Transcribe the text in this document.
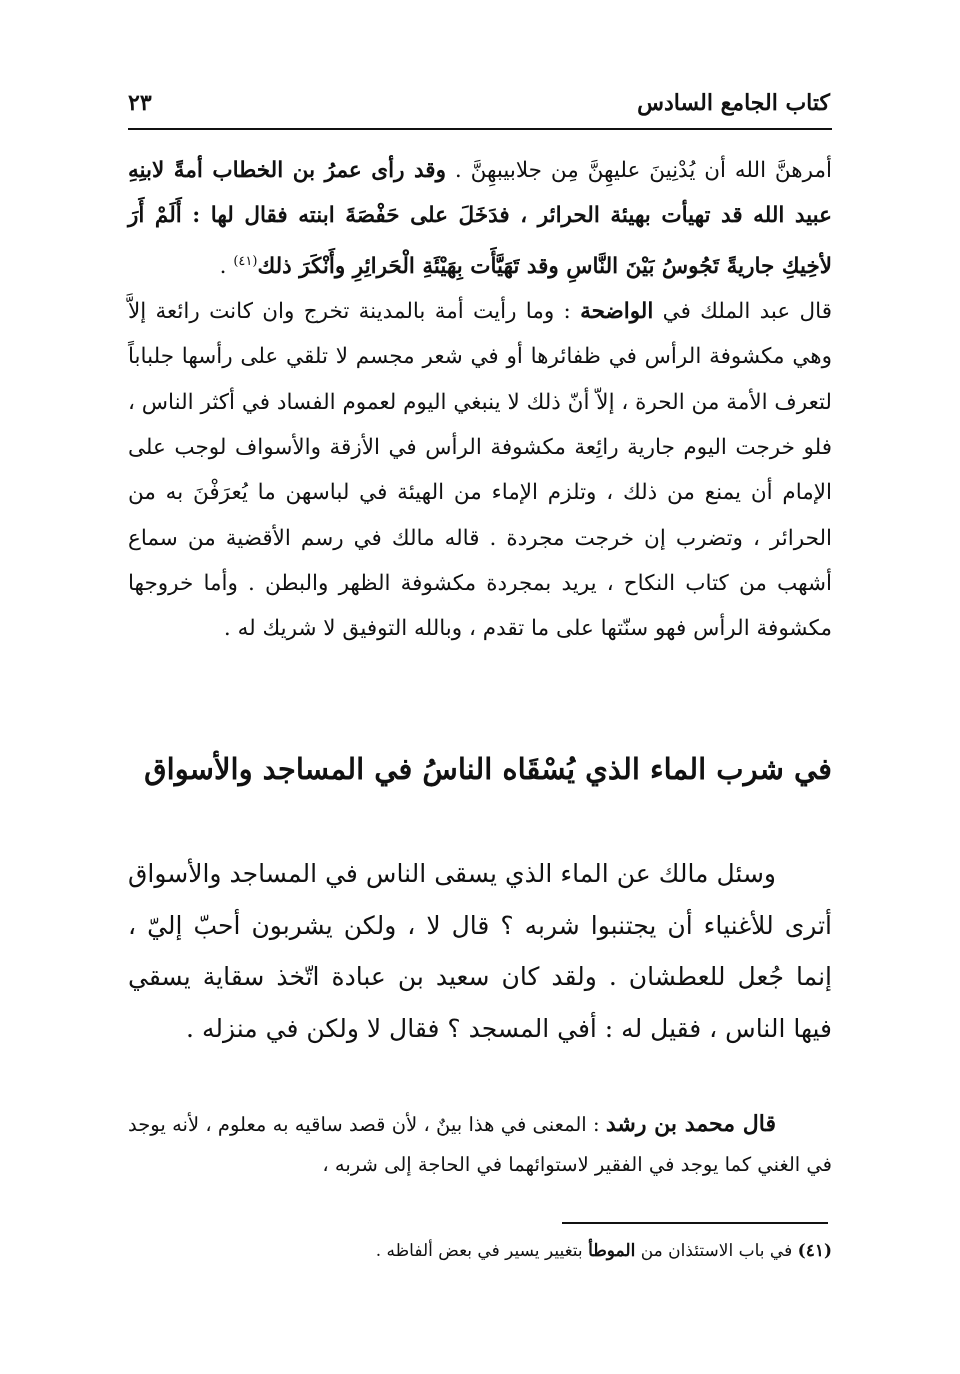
كتاب الجامع السادس
٢٣

أمرهنَّ الله أن يُدْنِينَ عليهِنَّ مِن جلابيبهِنَّ . وقد رأى عمرُ بن الخطاب أمةً لابنِهِ عبيد الله قد تهيأت بهيئة الحرائر ، فدَخَلَ على حَفْصَةَ ابنته فقال لها : أَلَمْ أَرَ لأخِيكِ جاريةً تَجُوسُ بَيْنَ النَّاسِ وقد تَهَيَّأَت بِهَيْئَةِ الْحَرائِرِ وأَنْكَرَ ذلك$^{(٤١)}$ .

قال عبد الملك في الواضحة : وما رأيت أمة بالمدينة تخرج وان كانت رائعة إلاَّ وهي مكشوفة الرأس في ظفائرها أو في شعر مجسم لا تلقي على رأسها جلباباً لتعرف الأمة من الحرة ، إلاّ أنّ ذلك لا ينبغي اليوم لعموم الفساد في أكثر الناس ، فلو خرجت اليوم جارية رائِعة مكشوفة الرأس في الأزقة والأسواف لوجب على الإمام أن يمنع من ذلك ، وتلزم الإماء من الهيئة في لباسهن ما يُعرَفْنَ به من الحرائر ، وتضرب إن خرجت مجردة . قاله مالك في رسم الأقضية من سماع أشهب من كتاب النكاح ، يريد بمجردة مكشوفة الظهر والبطن . وأما خروجها مكشوفة الرأس فهو سنّتها على ما تقدم ، وبالله التوفيق لا شريك له .

في شرب الماء الذي يُسْقَاه الناسُ في المساجد والأسواق

وسئل مالك عن الماء الذي يسقى الناس في المساجد والأسواق أترى للأغنياء أن يجتنبوا شربه ؟ قال لا ، ولكن يشربون أحبّ إليّ ، إنما جُعل للعطشان . ولقد كان سعيد بن عبادة اتّخذ سقاية يسقي فيها الناس ، فقيل له : أفي المسجد ؟ فقال لا ولكن في منزله .

قال محمد بن رشد : المعنى في هذا بينٌ ، لأن قصد ساقيه به معلوم ، لأنه يوجد في الغني كما يوجد في الفقير لاستوائهما في الحاجة إلى شربه ،

(٤١) في باب الاستئذان من الموطأ بتغيير يسير في بعض ألفاظه .
